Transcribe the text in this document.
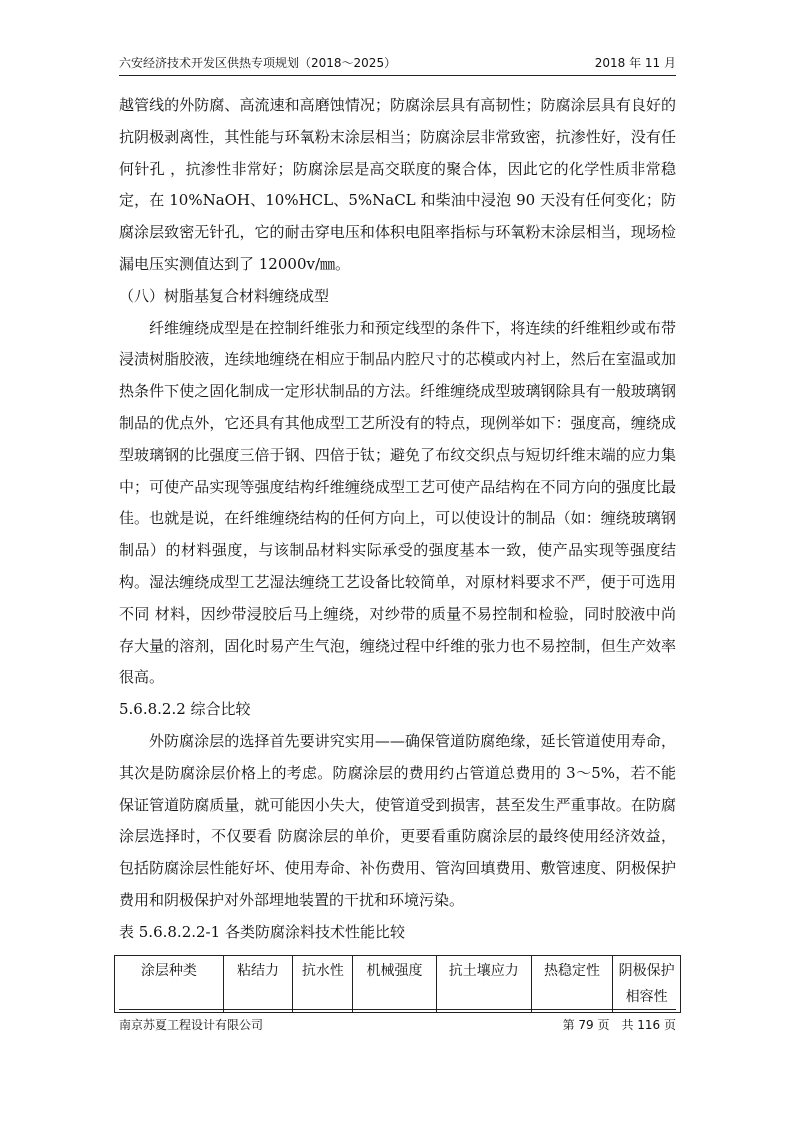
六安经济技术开发区供热专项规划（2018～2025）	2018 年 11 月

越管线的外防腐、高流速和高磨蚀情况；防腐涂层具有高韧性；防腐涂层具有良好的抗阴极剥离性，其性能与环氧粉末涂层相当；防腐涂层非常致密，抗渗性好，没有任何针孔 ，抗渗性非常好；防腐涂层是高交联度的聚合体，因此它的化学性质非常稳定，在 10%NaOH、10%HCL、5%NaCL 和柴油中浸泡 90 天没有任何变化；防腐涂层致密无针孔，它的耐击穿电压和体积电阻率指标与环氧粉末涂层相当，现场检漏电压实测值达到了 12000v/㎜。

（八）树脂基复合材料缠绕成型

纤维缠绕成型是在控制纤维张力和预定线型的条件下，将连续的纤维粗纱或布带浸渍树脂胶液，连续地缠绕在相应于制品内腔尺寸的芯模或内衬上，然后在室温或加热条件下使之固化制成一定形状制品的方法。纤维缠绕成型玻璃钢除具有一般玻璃钢制品的优点外，它还具有其他成型工艺所没有的特点，现例举如下：强度高，缠绕成型玻璃钢的比强度三倍于钢、四倍于钛；避免了布纹交织点与短切纤维末端的应力集中；可使产品实现等强度结构纤维缠绕成型工艺可使产品结构在不同方向的强度比最佳。也就是说，在纤维缠绕结构的任何方向上，可以使设计的制品（如：缠绕玻璃钢制品）的材料强度，与该制品材料实际承受的强度基本一致，使产品实现等强度结构。湿法缠绕成型工艺湿法缠绕工艺设备比较简单，对原材料要求不严，便于可选用不同 材料，因纱带浸胶后马上缠绕，对纱带的质量不易控制和检验，同时胶液中尚存大量的溶剂，固化时易产生气泡，缠绕过程中纤维的张力也不易控制，但生产效率很高。

5.6.8.2.2 综合比较

外防腐涂层的选择首先要讲究实用——确保管道防腐绝缘，延长管道使用寿命，其次是防腐涂层价格上的考虑。防腐涂层的费用约占管道总费用的 3～5%，若不能保证管道防腐质量，就可能因小失大，使管道受到损害，甚至发生严重事故。在防腐涂层选择时，不仅要看 防腐涂层的单价，更要看重防腐涂层的最终使用经济效益，包括防腐涂层性能好坏、使用寿命、补伤费用、管沟回填费用、敷管速度、阴极保护费用和阴极保护对外部埋地装置的干扰和环境污染。

表 5.6.8.2.2-1 各类防腐涂料技术性能比较

涂层种类	粘结力	抗水性	机械强度	抗土壤应力	热稳定性	阴极保护相容性
南京苏夏工程设计有限公司	第 79 页　共 116 页
